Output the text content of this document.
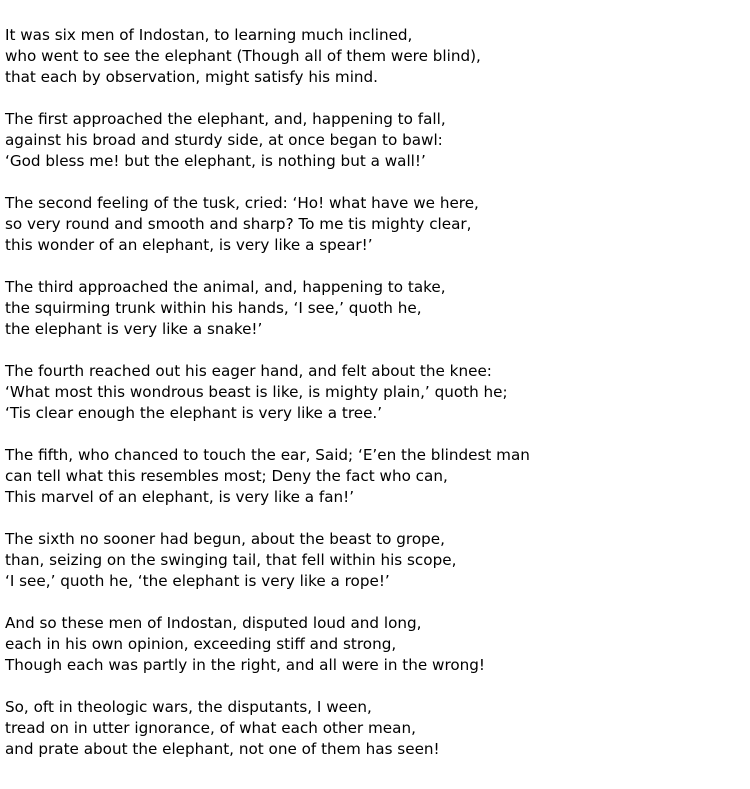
It was six men of Indostan, to learning much inclined,
who went to see the elephant (Though all of them were blind),
that each by observation, might satisfy his mind.
The first approached the elephant, and, happening to fall,
against his broad and sturdy side, at once began to bawl:
‘God bless me! but the elephant, is nothing but a wall!’
The second feeling of the tusk, cried: ‘Ho! what have we here,
so very round and smooth and sharp? To me tis mighty clear,
this wonder of an elephant, is very like a spear!’
The third approached the animal, and, happening to take,
the squirming trunk within his hands, ‘I see,’ quoth he,
the elephant is very like a snake!’
The fourth reached out his eager hand, and felt about the knee:
‘What most this wondrous beast is like, is mighty plain,’ quoth he;
‘Tis clear enough the elephant is very like a tree.’
The fifth, who chanced to touch the ear, Said; ‘E’en the blindest man
can tell what this resembles most; Deny the fact who can,
This marvel of an elephant, is very like a fan!’
The sixth no sooner had begun, about the beast to grope,
than, seizing on the swinging tail, that fell within his scope,
‘I see,’ quoth he, ‘the elephant is very like a rope!’
And so these men of Indostan, disputed loud and long,
each in his own opinion, exceeding stiff and strong,
Though each was partly in the right, and all were in the wrong!
So, oft in theologic wars, the disputants, I ween,
tread on in utter ignorance, of what each other mean,
and prate about the elephant, not one of them has seen!
